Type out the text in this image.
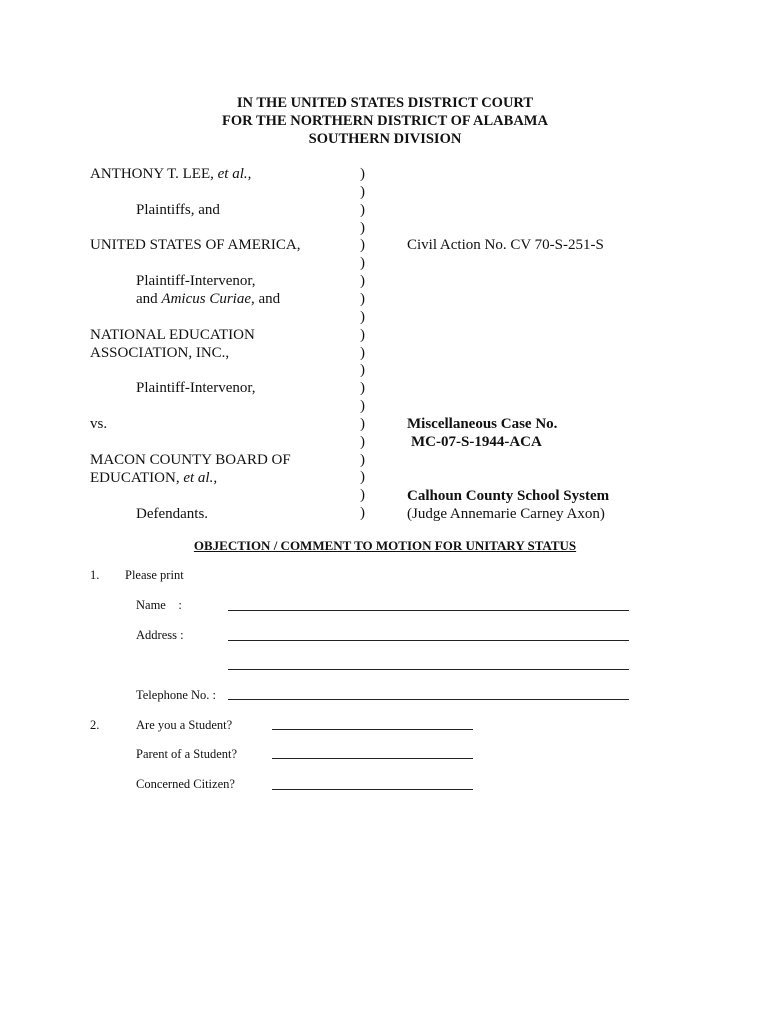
IN THE UNITED STATES DISTRICT COURT
FOR THE NORTHERN DISTRICT OF ALABAMA
SOUTHERN DIVISION
ANTHONY T. LEE, et al.,
Plaintiffs, and
UNITED STATES OF AMERICA,
Plaintiff-Intervenor,
and Amicus Curiae, and
NATIONAL EDUCATION
ASSOCIATION, INC.,
Plaintiff-Intervenor,
vs.
MACON COUNTY BOARD OF
EDUCATION, et al.,
Defendants.
)
)
)
)
)
)
)
)
)
)
)
)
)
)
)
)
)
)
)
)
Civil Action No. CV 70-S-251-S
Miscellaneous Case No.
MC-07-S-1944-ACA
Calhoun County School System
(Judge Annemarie Carney Axon)
OBJECTION / COMMENT TO MOTION FOR UNITARY STATUS
1. Please print
Name    :
Address :
Telephone No. :
2.	Are you a Student?
Parent of a Student?
Concerned Citizen?
